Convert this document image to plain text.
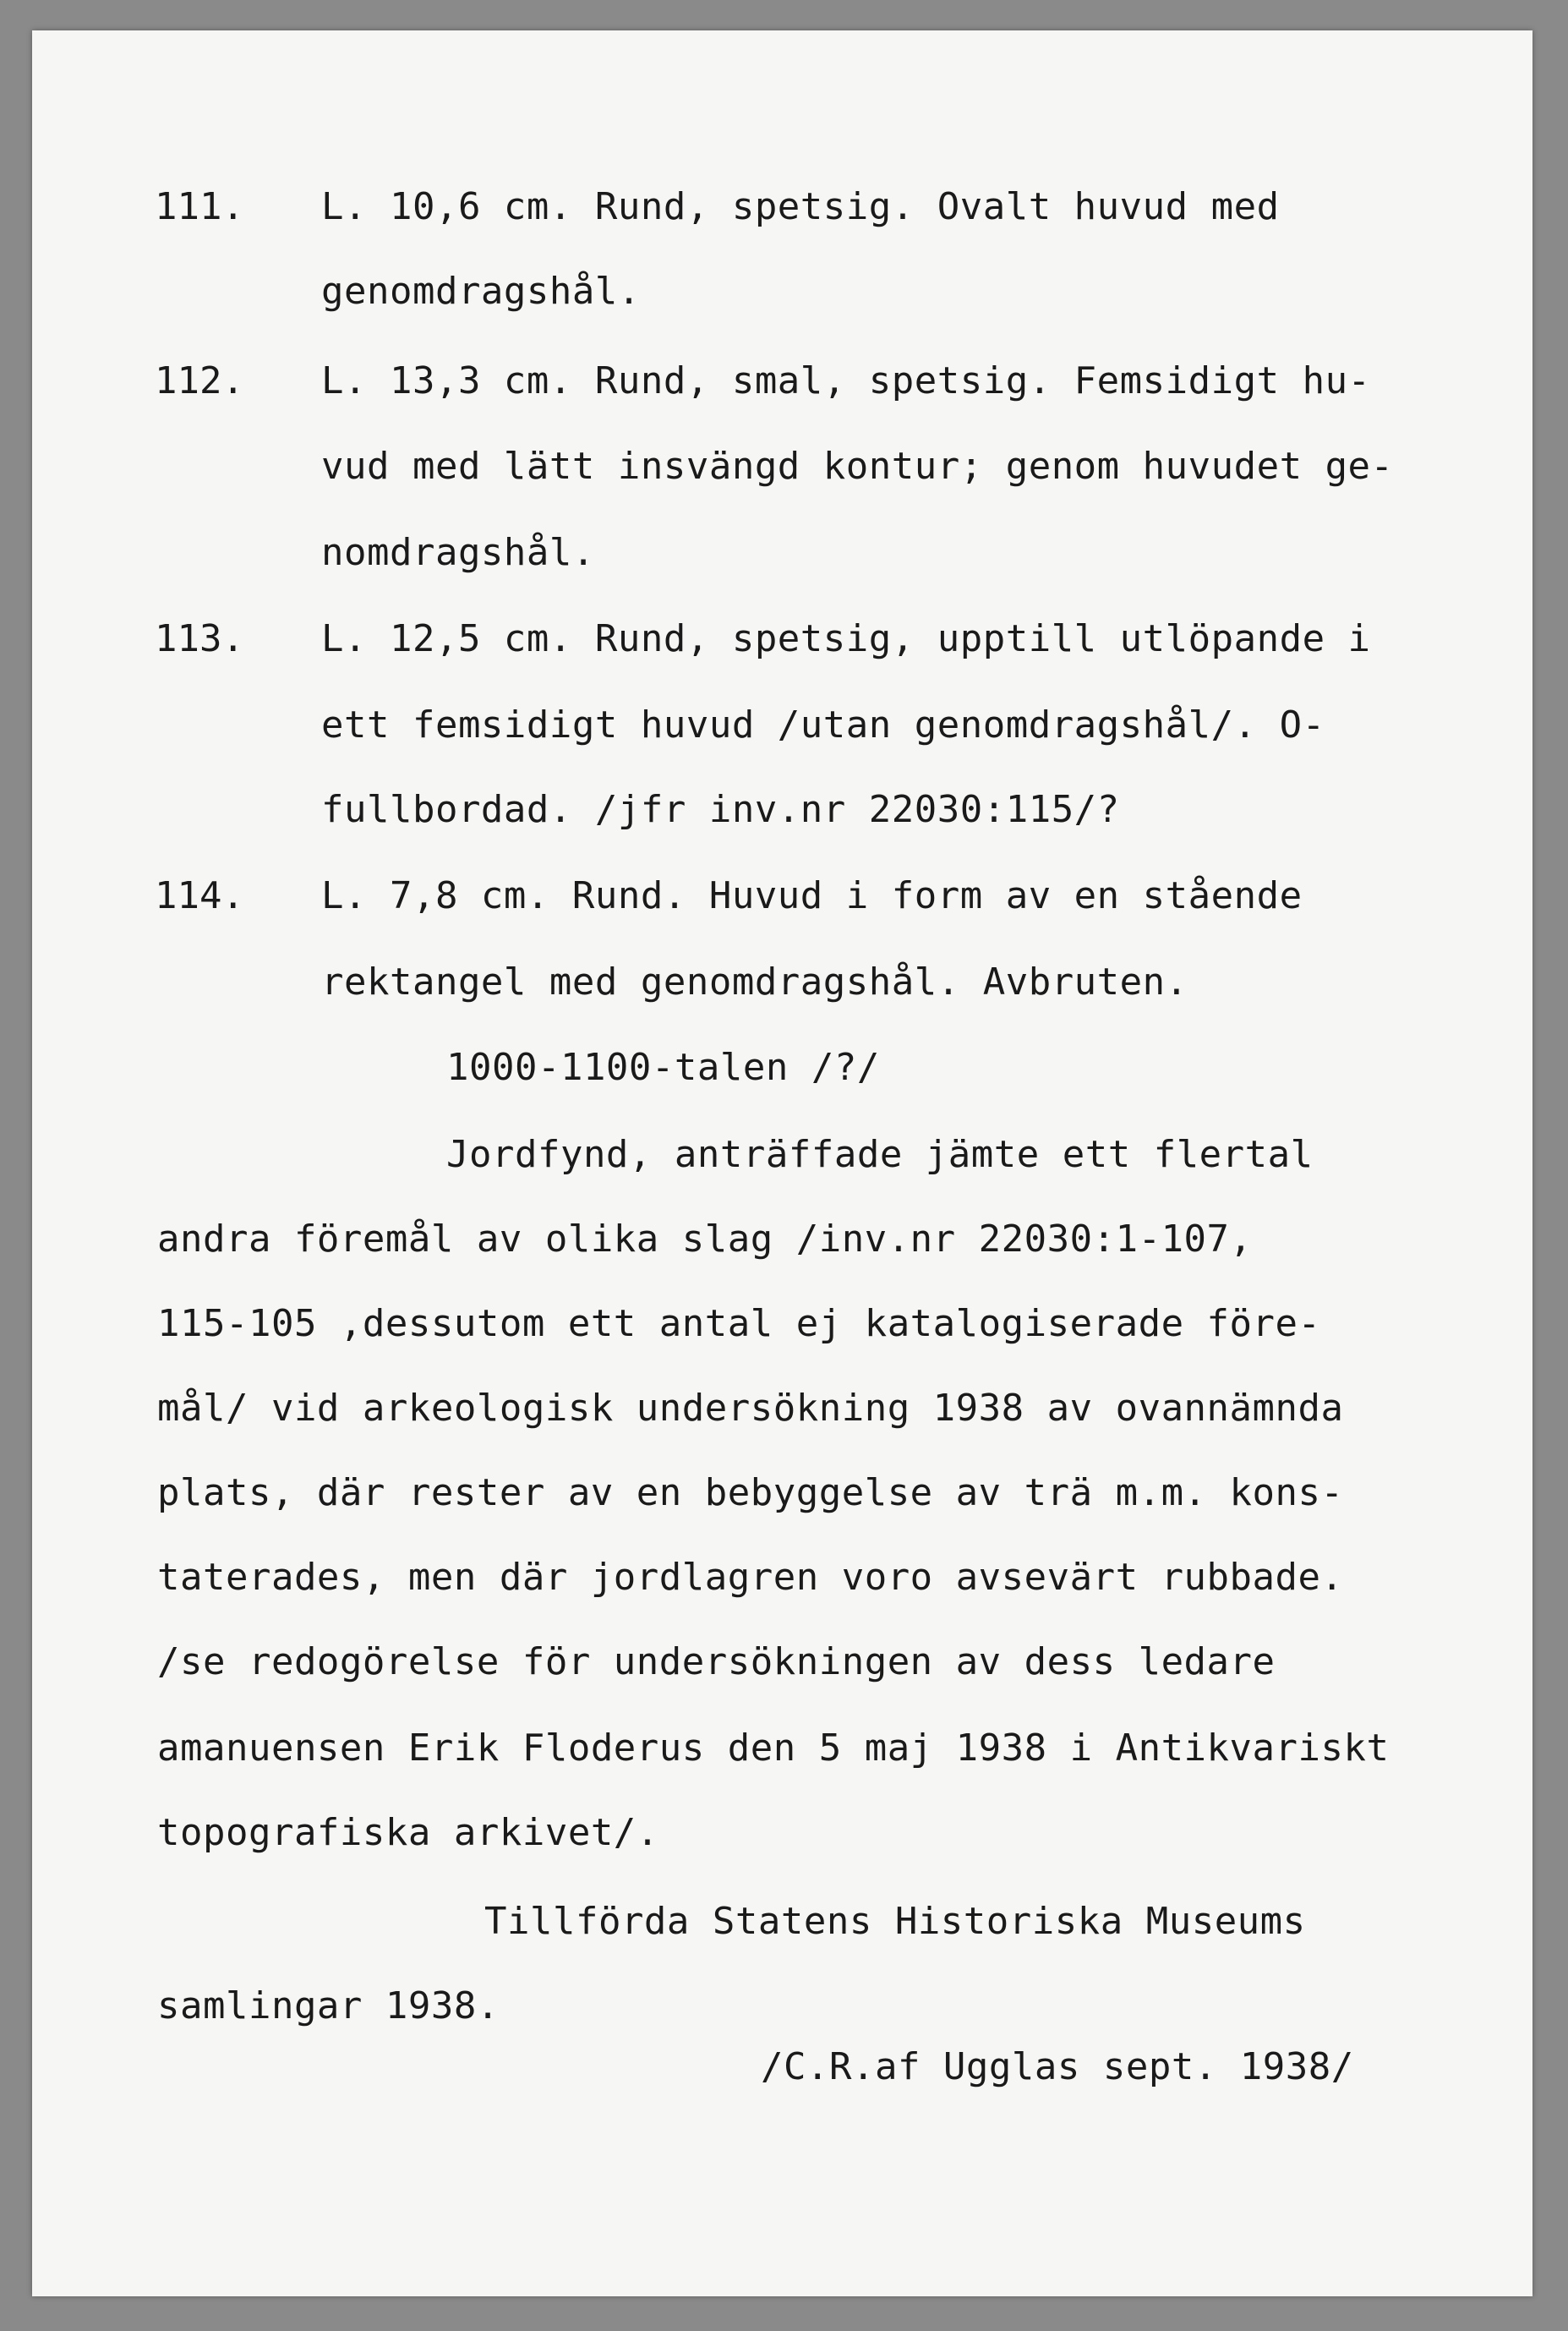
111. L. 10,6 cm. Rund, spetsig. Ovalt huvud med
genomdragshål.
112. L. 13,3 cm. Rund, smal, spetsig. Femsidigt hu-
vud med lätt insvängd kontur; genom huvudet ge-
nomdragshål.
113. L. 12,5 cm. Rund, spetsig, upptill utlöpande i
ett femsidigt huvud /utan genomdragshål/. O-
fullbordad. /jfr inv.nr 22030:115/?
114. L. 7,8 cm. Rund. Huvud i form av en stående
rektangel med genomdragshål. Avbruten.
1000-1100-talen /?/
Jordfynd, anträffade jämte ett flertal
andra föremål av olika slag /inv.nr 22030:1-107,
115-105 ,dessutom ett antal ej katalogiserade före-
mål/ vid arkeologisk undersökning 1938 av ovannämnda
plats, där rester av en bebyggelse av trä m.m. kons-
taterades, men där jordlagren voro avsevärt rubbade.
/se redogörelse för undersökningen av dess ledare
amanuensen Erik Floderus den 5 maj 1938 i Antikvariskt
topografiska arkivet/.
Tillförda Statens Historiska Museums
samlingar 1938.
/C.R.af Ugglas sept. 1938/
